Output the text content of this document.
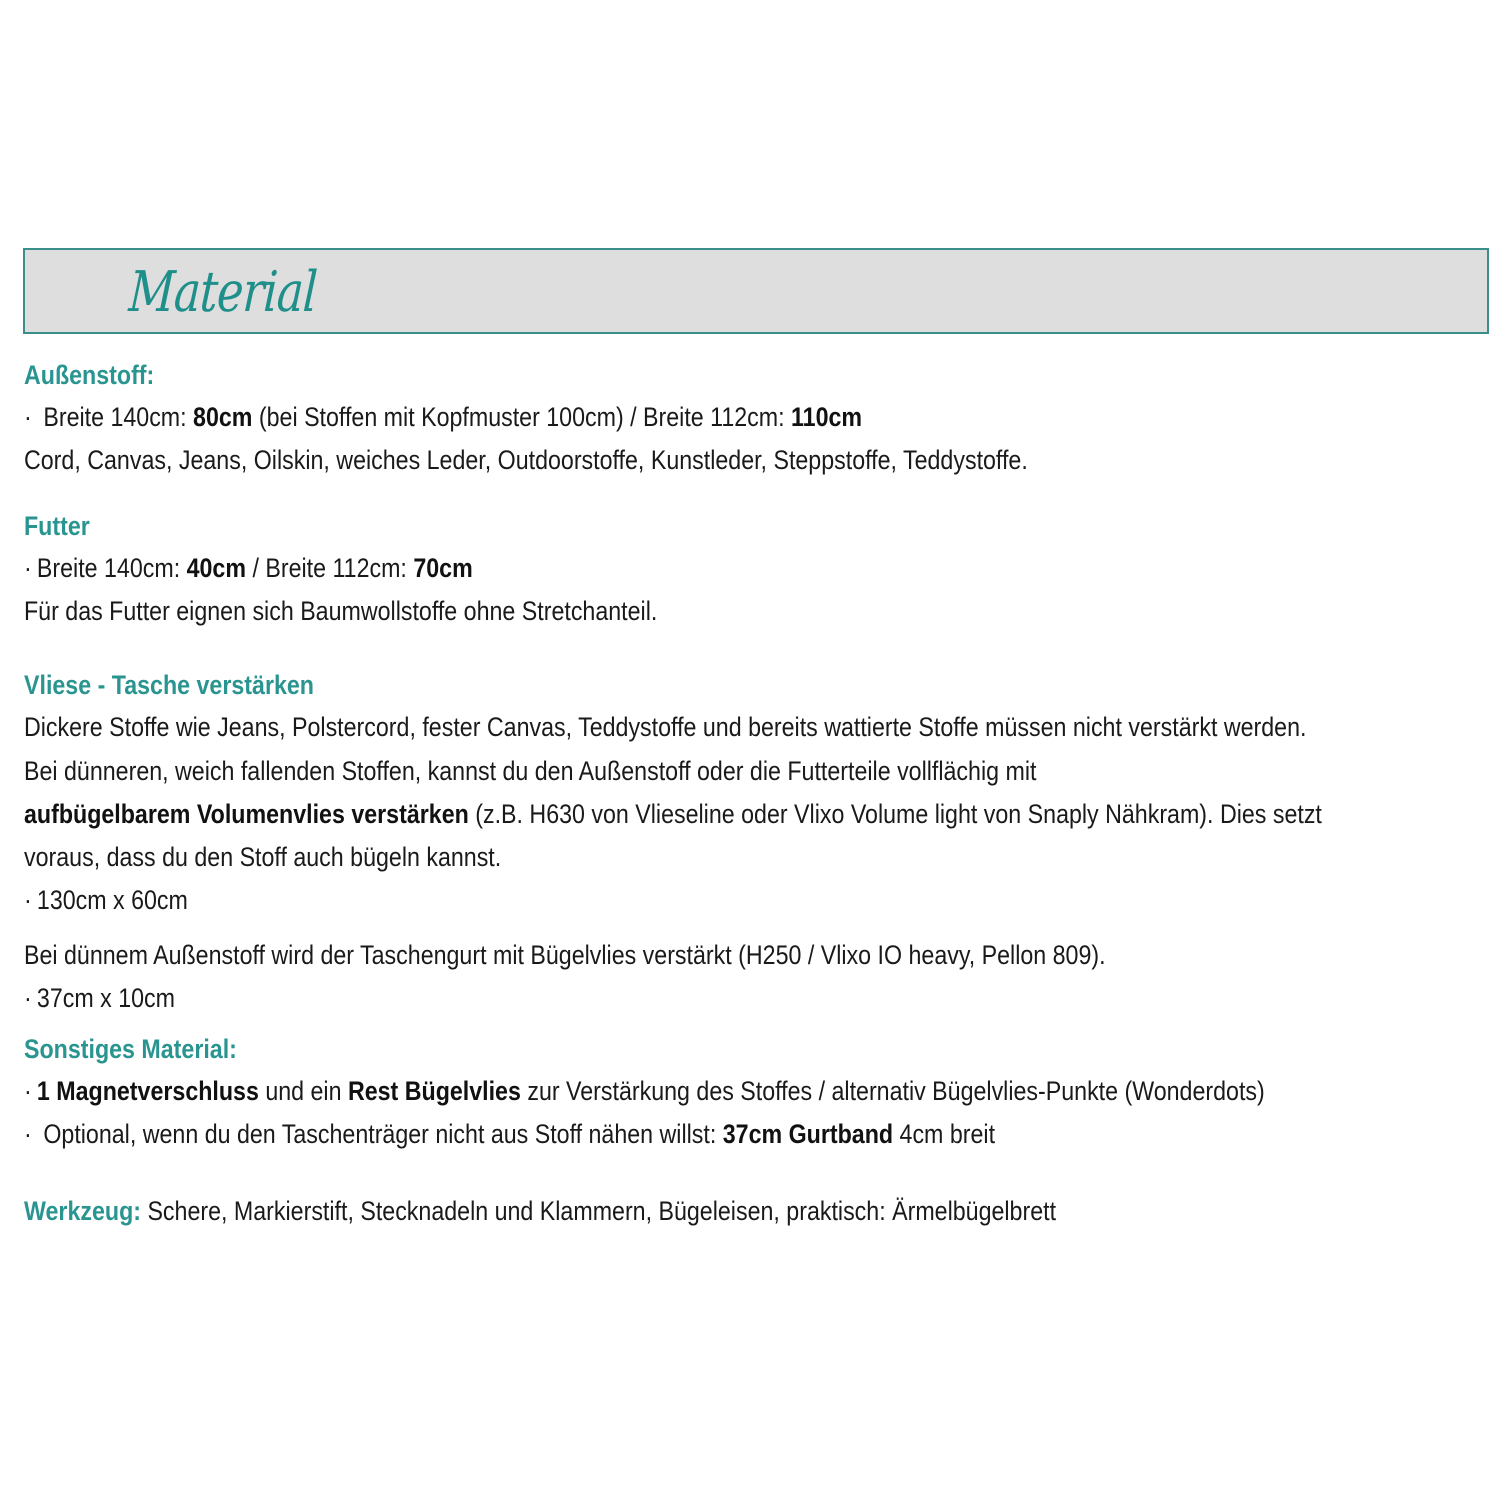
Material
Außenstoff:
· Breite 140cm: 80cm (bei Stoffen mit Kopfmuster 100cm) / Breite 112cm: 110cm
Cord, Canvas, Jeans, Oilskin, weiches Leder, Outdoorstoffe, Kunstleder, Steppstoffe, Teddystoffe.
Futter
· Breite 140cm: 40cm / Breite 112cm: 70cm
Für das Futter eignen sich Baumwollstoffe ohne Stretchanteil.
Vliese - Tasche verstärken
Dickere Stoffe wie Jeans, Polstercord, fester Canvas, Teddystoffe und bereits wattierte Stoffe müssen nicht verstärkt werden.
Bei dünneren, weich fallenden Stoffen, kannst du den Außenstoff oder die Futterteile vollflächig mit
aufbügelbarem Volumenvlies verstärken (z.B. H630 von Vlieseline oder Vlixo Volume light von Snaply Nähkram). Dies setzt
voraus, dass du den Stoff auch bügeln kannst.
· 130cm x 60cm
Bei dünnem Außenstoff wird der Taschengurt mit Bügelvlies verstärkt (H250 / Vlixo IO heavy, Pellon 809).
· 37cm x 10cm
Sonstiges Material:
· 1 Magnetverschluss und ein Rest Bügelvlies zur Verstärkung des Stoffes / alternativ Bügelvlies-Punkte (Wonderdots)
· Optional, wenn du den Taschenträger nicht aus Stoff nähen willst: 37cm Gurtband 4cm breit
Werkzeug: Schere, Markierstift, Stecknadeln und Klammern, Bügeleisen, praktisch: Ärmelbügelbrett
